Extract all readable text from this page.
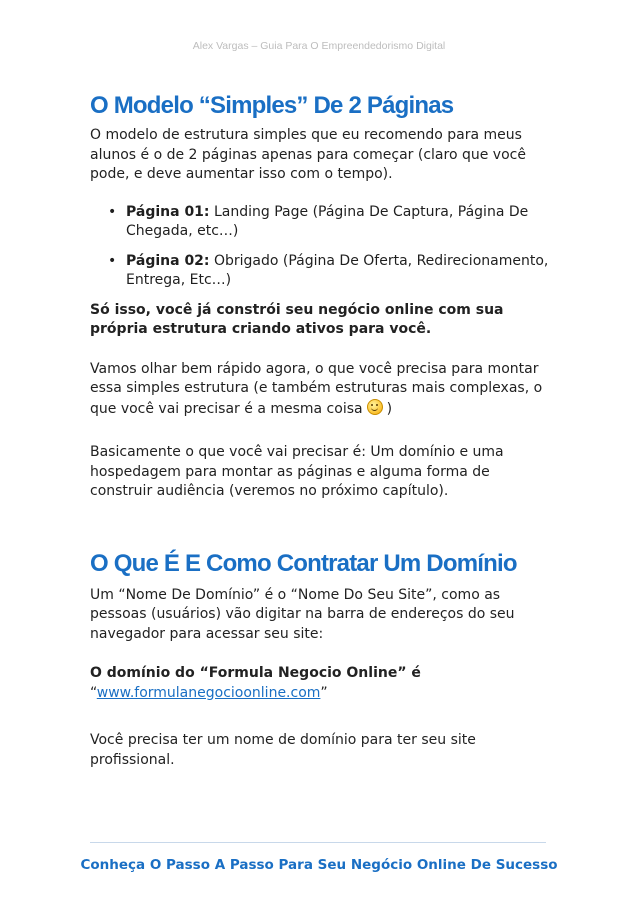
Alex Vargas – Guia Para O Empreendedorismo Digital
O Modelo “Simples” De 2 Páginas

O modelo de estrutura simples que eu recomendo para meus alunos é o de 2 páginas apenas para começar (claro que você pode, e deve aumentar isso com o tempo).

• Página 01: Landing Page (Página De Captura, Página De Chegada, etc…)
• Página 02: Obrigado (Página De Oferta, Redirecionamento, Entrega, Etc…)

Só isso, você já constrói seu negócio online com sua própria estrutura criando ativos para você.

Vamos olhar bem rápido agora, o que você precisa para montar essa simples estrutura (e também estruturas mais complexas, o que você vai precisar é a mesma coisa )

Basicamente o que você vai precisar é: Um domínio e uma hospedagem para montar as páginas e alguma forma de construir audiência (veremos no próximo capítulo).

O Que É E Como Contratar Um Domínio

Um “Nome De Domínio” é o “Nome Do Seu Site”, como as pessoas (usuários) vão digitar na barra de endereços do seu navegador para acessar seu site:

O domínio do “Formula Negocio Online” é
“www.formulanegocioonline.com”

Você precisa ter um nome de domínio para ter seu site profissional.

Conheça O Passo A Passo Para Seu Negócio Online De Sucesso
